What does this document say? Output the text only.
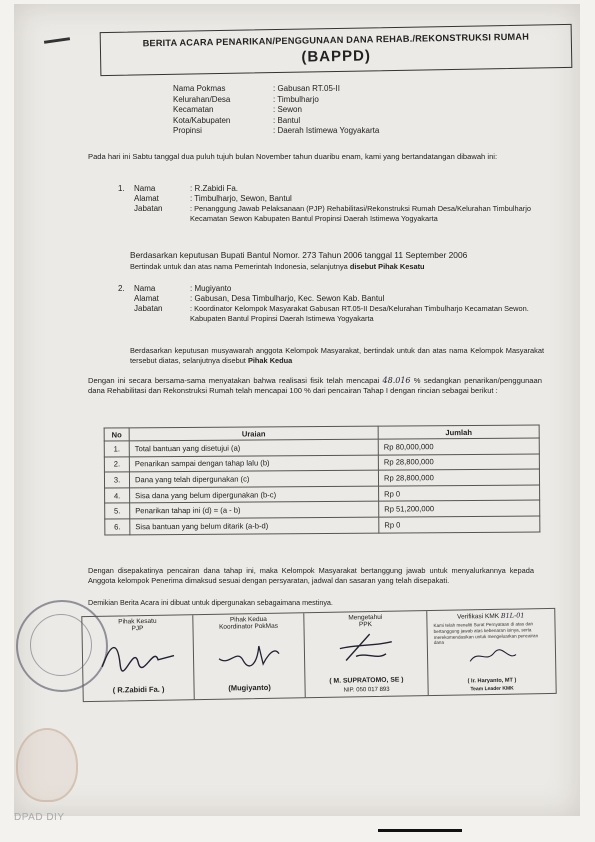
BERITA ACARA PENARIKAN/PENGGUNAAN DANA REHAB./REKONSTRUKSI RUMAH
(BAPPD)
Nama Pokmas	: Gabusan RT.05-II
Kelurahan/Desa	: Timbulharjo
Kecamatan	: Sewon
Kota/Kabupaten	: Bantul
Propinsi	: Daerah Istimewa Yogyakarta
Pada hari ini Sabtu tanggal dua puluh tujuh bulan November tahun duaribu enam, kami yang bertandatangan dibawah ini:
1.	Nama	: R.Zabidi Fa.
Alamat	: Timbulharjo, Sewon, Bantul
Jabatan	: Penanggung Jawab Pelaksanaan (PJP) Rehabilitasi/Rekonstruksi Rumah Desa/Kelurahan Timbulharjo Kecamatan Sewon Kabupaten Bantul Propinsi Daerah Istimewa Yogyakarta
Berdasarkan keputusan Bupati Bantul Nomor. 273 Tahun 2006 tanggal 11 September 2006
Bertindak untuk dan atas nama Pemerintah Indonesia, selanjutnya disebut Pihak Kesatu
2.	Nama	: Mugiyanto
Alamat	: Gabusan, Desa Timbulharjo, Kec. Sewon Kab. Bantul
Jabatan	: Koordinator Kelompok Masyarakat Gabusan RT.05-II Desa/Kelurahan Timbulharjo Kecamatan Sewon. Kabupaten Bantul Propinsi Daerah Istimewa Yogyakarta
Berdasarkan keputusan musyawarah anggota Kelompok Masyarakat, bertindak untuk dan atas nama Kelompok Masyarakat tersebut diatas, selanjutnya disebut Pihak Kedua
Dengan ini secara bersama-sama menyatakan bahwa realisasi fisik telah mencapai 48.016 % sedangkan penarikan/penggunaan dana Rehabilitasi dan Rekonstruksi Rumah telah mencapai 100 % dari pencairan Tahap I dengan rincian sebagai berikut :
No	Uraian	Jumlah
1.	Total bantuan yang disetujui (a)	Rp 80,000,000
2.	Penarikan sampai dengan tahap lalu (b)	Rp 28,800,000
3.	Dana yang telah dipergunakan (c)	Rp 28,800,000
4.	Sisa dana yang belum dipergunakan (b-c)	Rp 0
5.	Penarikan tahap ini (d) = (a - b)	Rp 51,200,000
6.	Sisa bantuan yang belum ditarik (a-b-d)	Rp 0
Dengan disepakatinya pencairan dana tahap ini, maka Kelompok Masyarakat bertanggung jawab untuk menyalurkannya kepada Anggota kelompok Penerima dimaksud sesuai dengan persyaratan, jadwal dan sasaran yang telah disepakati.
Demikian Berita Acara ini dibuat untuk dipergunakan sebagaimana mestinya.
Pihak Kesatu
PJP
( R.Zabidi Fa. )
Pihak Kedua
Koordinator PokMas
(Mugiyanto)
Mengetahui
PPK
( M. SUPRATOMO, SE )
NIP. 050 017 893
Verifikasi KMK B1L-01
Kami telah meneliti Surat Pernyataan di atas dan bertanggung jawab atas kebenaran isinya, serta merekomendasikan untuk mengeluarkan pencairan dana
( Ir. Haryanto, MT )
Team Leader KMK
DPAD DIY
